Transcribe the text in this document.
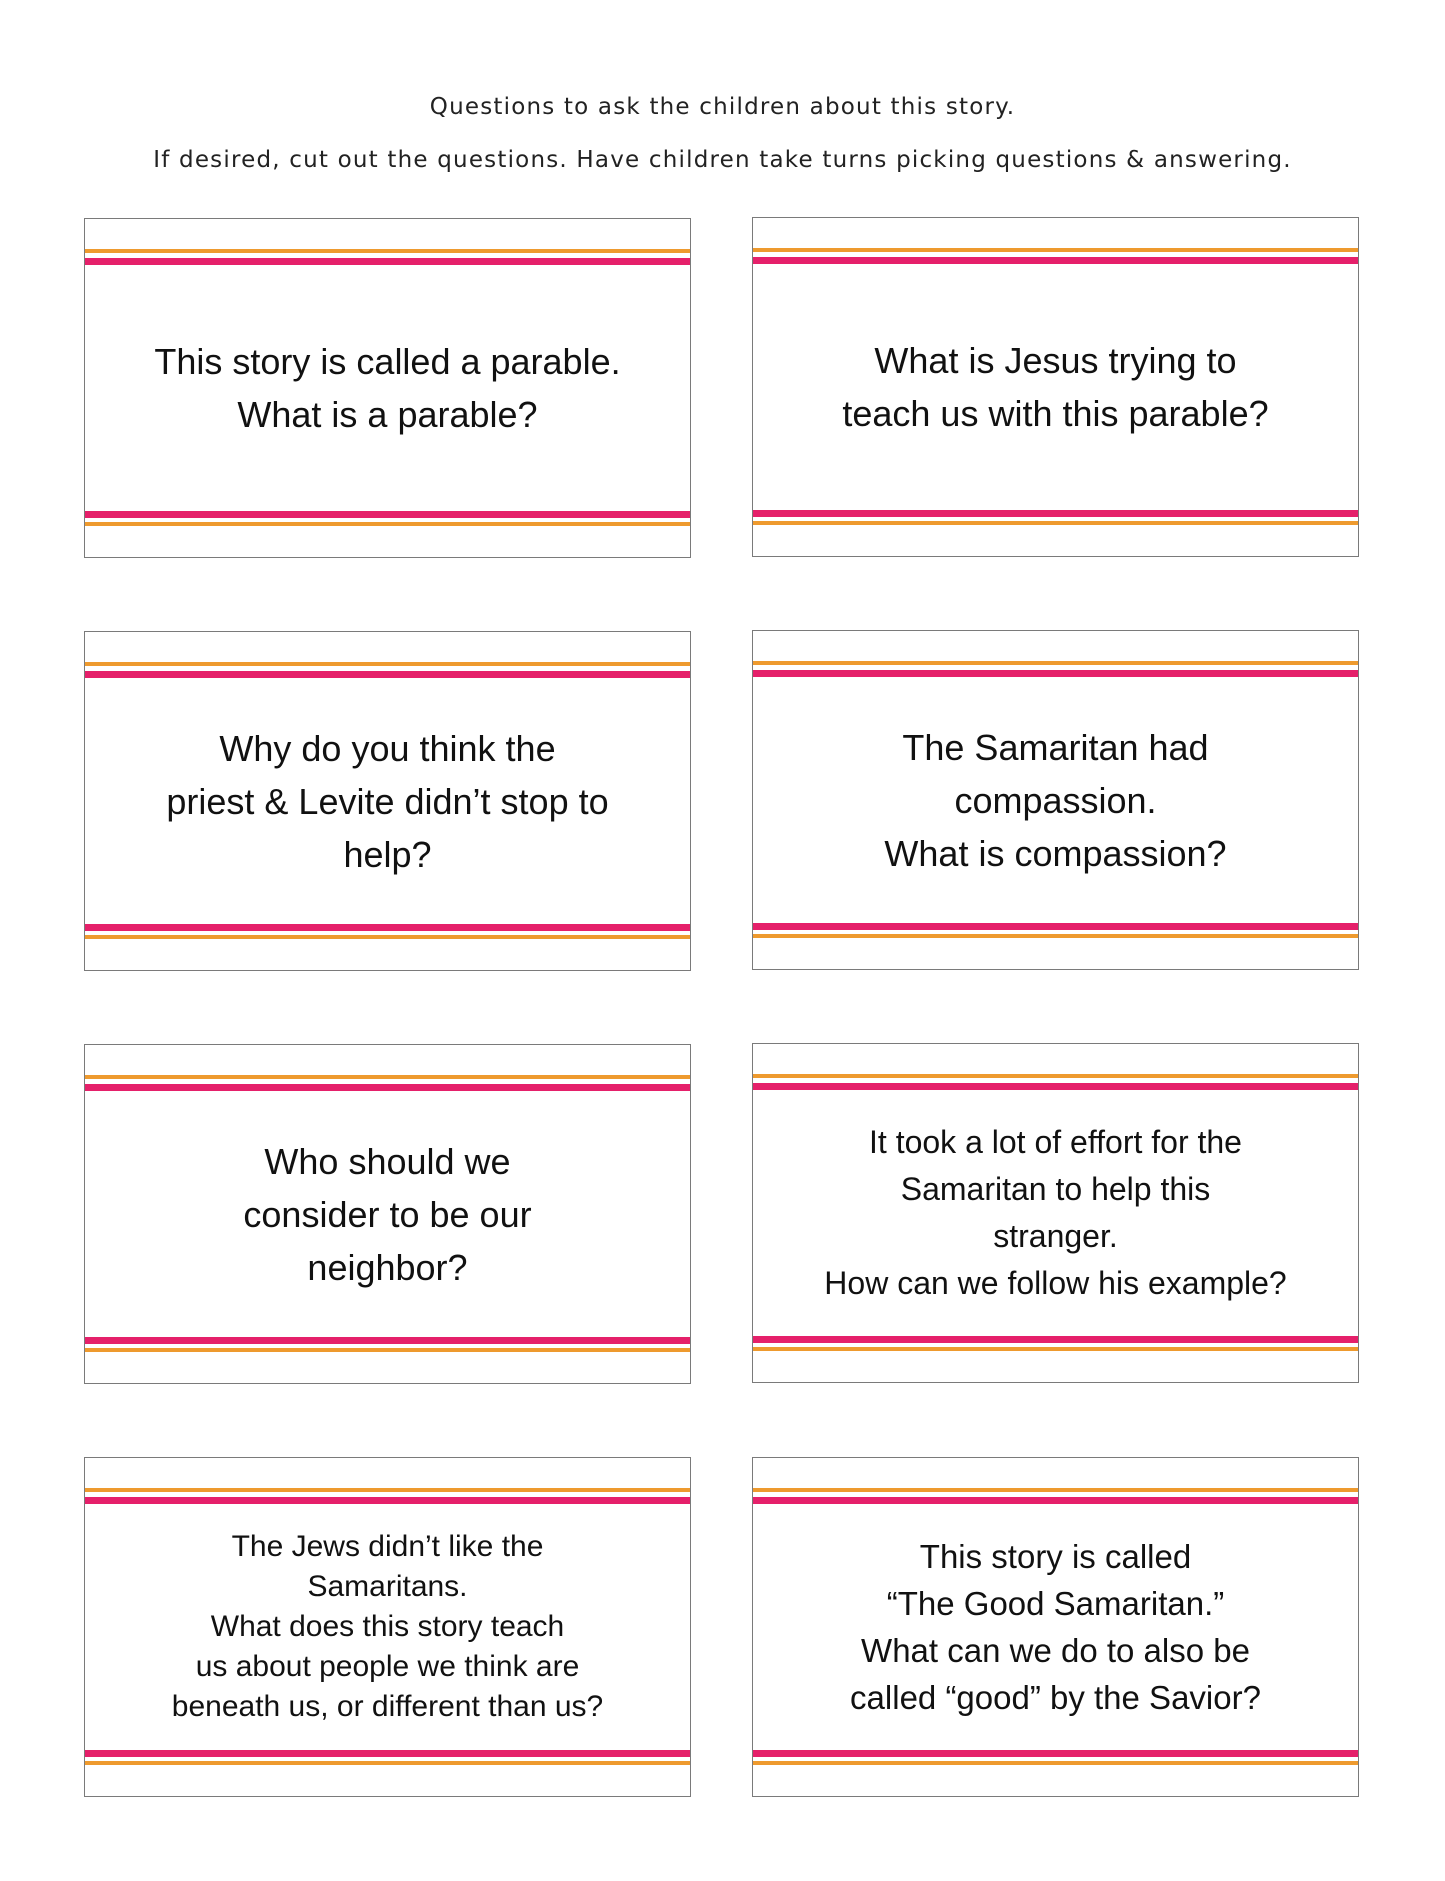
Questions to ask the children about this story.
If desired, cut out the questions. Have children take turns picking questions & answering.
This story is called a parable.
What is a parable?
What is Jesus trying to
teach us with this parable?
Why do you think the
priest & Levite didn’t stop to
help?
The Samaritan had
compassion.
What is compassion?
Who should we
consider to be our
neighbor?
It took a lot of effort for the
Samaritan to help this
stranger.
How can we follow his example?
The Jews didn’t like the
Samaritans.
What does this story teach
us about people we think are
beneath us, or different than us?
This story is called
“The Good Samaritan.”
What can we do to also be
called “good” by the Savior?
